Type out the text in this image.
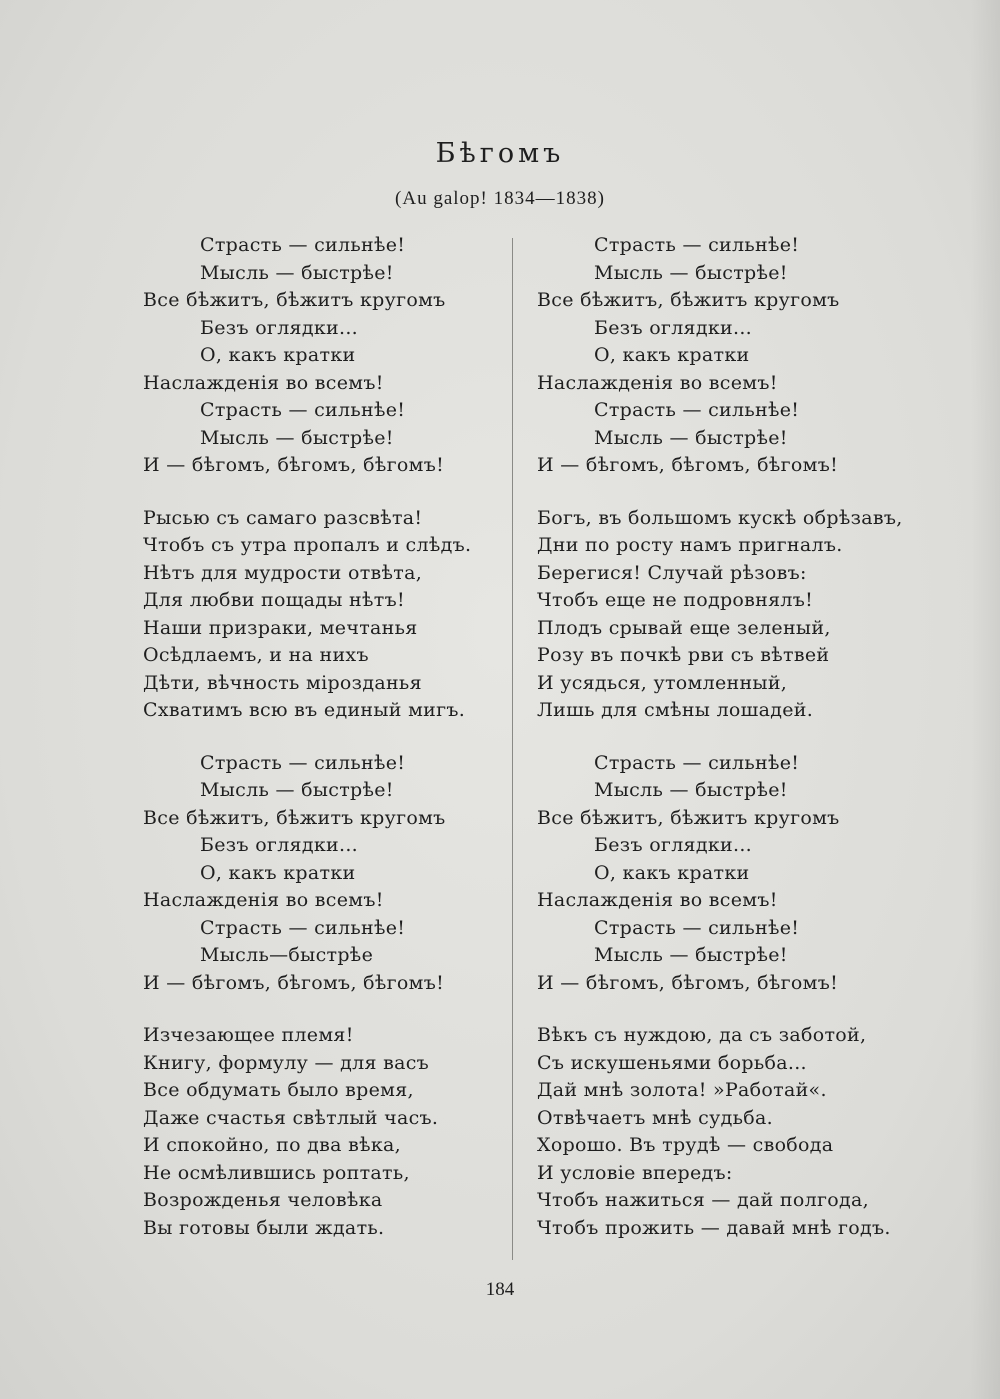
Бѣгомъ
(Au galop! 1834—1838)
Страсть — сильнѣе!
Мысль — быстрѣе!
Все бѣжитъ, бѣжитъ кругомъ
Безъ оглядки...
О, какъ кратки
Наслажденія во всемъ!
Страсть — сильнѣе!
Мысль — быстрѣе!
И — бѣгомъ, бѣгомъ, бѣгомъ!
Рысью съ самаго разсвѣта!
Чтобъ съ утра пропалъ и слѣдъ.
Нѣтъ для мудрости отвѣта,
Для любви пощады нѣтъ!
Наши призраки, мечтанья
Осѣдлаемъ, и на нихъ
Дѣти, вѣчность мірозданья
Схватимъ всю въ единый мигъ.
Страсть — сильнѣе!
Мысль — быстрѣе!
Все бѣжитъ, бѣжитъ кругомъ
Безъ оглядки...
О, какъ кратки
Наслажденія во всемъ!
Страсть — сильнѣе!
Мысль—быстрѣе
И — бѣгомъ, бѣгомъ, бѣгомъ!
Изчезающее племя!
Книгу, формулу — для васъ
Все обдумать было время,
Даже счастья свѣтлый часъ.
И спокойно, по два вѣка,
Не осмѣлившись роптать,
Возрожденья человѣка
Вы готовы были ждать.
Страсть — сильнѣе!
Мысль — быстрѣе!
Все бѣжитъ, бѣжитъ кругомъ
Безъ оглядки...
О, какъ кратки
Наслажденія во всемъ!
Страсть — сильнѣе!
Мысль — быстрѣе!
И — бѣгомъ, бѣгомъ, бѣгомъ!
Богъ, въ большомъ кускѣ обрѣзавъ,
Дни по росту намъ пригналъ.
Берегися! Случай рѣзовъ:
Чтобъ еще не подровнялъ!
Плодъ срывай еще зеленый,
Розу въ почкѣ рви съ вѣтвей
И усядься, утомленный,
Лишь для смѣны лошадей.
Страсть — сильнѣе!
Мысль — быстрѣе!
Все бѣжитъ, бѣжитъ кругомъ
Безъ оглядки...
О, какъ кратки
Наслажденія во всемъ!
Страсть — сильнѣе!
Мысль — быстрѣе!
И — бѣгомъ, бѣгомъ, бѣгомъ!
Вѣкъ съ нуждою, да съ заботой,
Съ искушеньями борьба...
Дай мнѣ золота! »Работай«.
Отвѣчаетъ мнѣ судьба.
Хорошо. Въ трудѣ — свобода
И условіе впередъ:
Чтобъ нажиться — дай полгода,
Чтобъ прожить — давай мнѣ годъ.
184
